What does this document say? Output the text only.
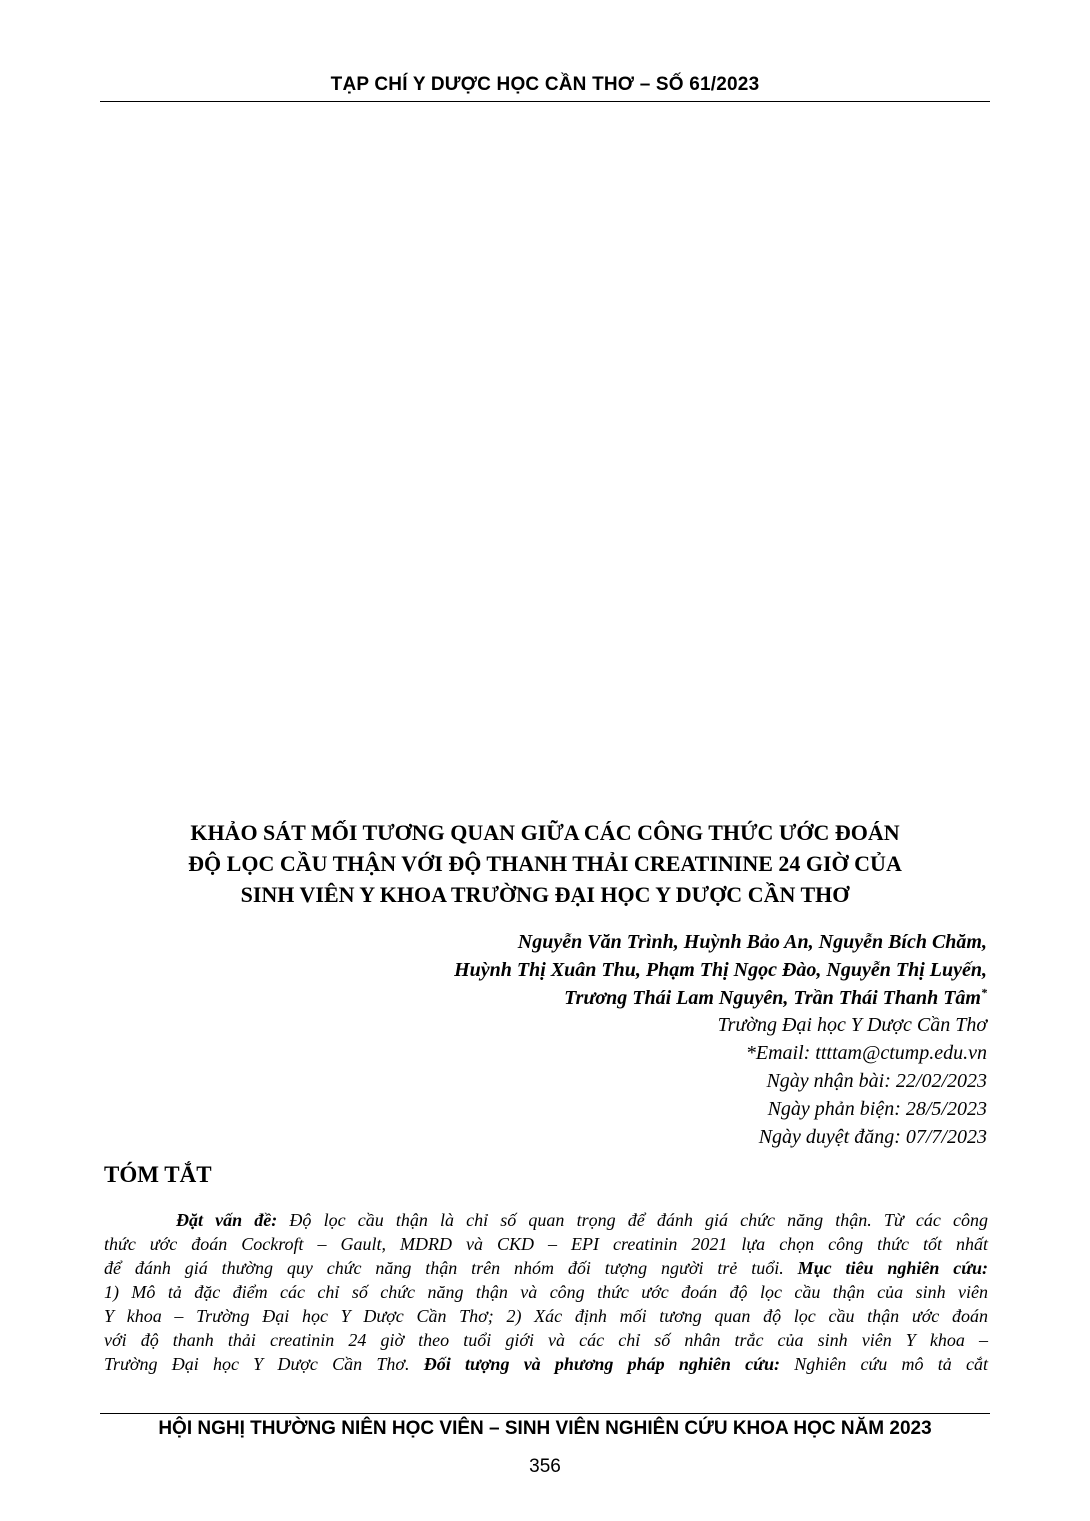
TẠP CHÍ Y DƯỢC HỌC CẦN THƠ – SỐ 61/2023
KHẢO SÁT MỐI TƯƠNG QUAN GIỮA CÁC CÔNG THỨC ƯỚC ĐOÁN
ĐỘ LỌC CẦU THẬN VỚI ĐỘ THANH THẢI CREATININE 24 GIỜ CỦA
SINH VIÊN Y KHOA TRƯỜNG ĐẠI HỌC Y DƯỢC CẦN THƠ
Nguyễn Văn Trình, Huỳnh Bảo An, Nguyễn Bích Chăm,
Huỳnh Thị Xuân Thu, Phạm Thị Ngọc Đào, Nguyễn Thị Luyến,
Trương Thái Lam Nguyên, Trần Thái Thanh Tâm*
Trường Đại học Y Dược Cần Thơ
*Email: ttttam@ctump.edu.vn
Ngày nhận bài: 22/02/2023
Ngày phản biện: 28/5/2023
Ngày duyệt đăng: 07/7/2023
TÓM TẮT
Đặt vấn đề: Độ lọc cầu thận là chỉ số quan trọng để đánh giá chức năng thận. Từ các công
thức ước đoán Cockroft – Gault, MDRD và CKD – EPI creatinin 2021 lựa chọn công thức tốt nhất
để đánh giá thường quy chức năng thận trên nhóm đối tượng người trẻ tuổi. Mục tiêu nghiên cứu:
1) Mô tả đặc điểm các chỉ số chức năng thận và công thức ước đoán độ lọc cầu thận của sinh viên
Y khoa – Trường Đại học Y Dược Cần Thơ; 2) Xác định mối tương quan độ lọc cầu thận ước đoán
với độ thanh thải creatinin 24 giờ theo tuổi giới và các chỉ số nhân trắc của sinh viên Y khoa –
Trường Đại học Y Dược Cần Thơ. Đối tượng và phương pháp nghiên cứu: Nghiên cứu mô tả cắt
HỘI NGHỊ THƯỜNG NIÊN HỌC VIÊN – SINH VIÊN NGHIÊN CỨU KHOA HỌC NĂM 2023
356
